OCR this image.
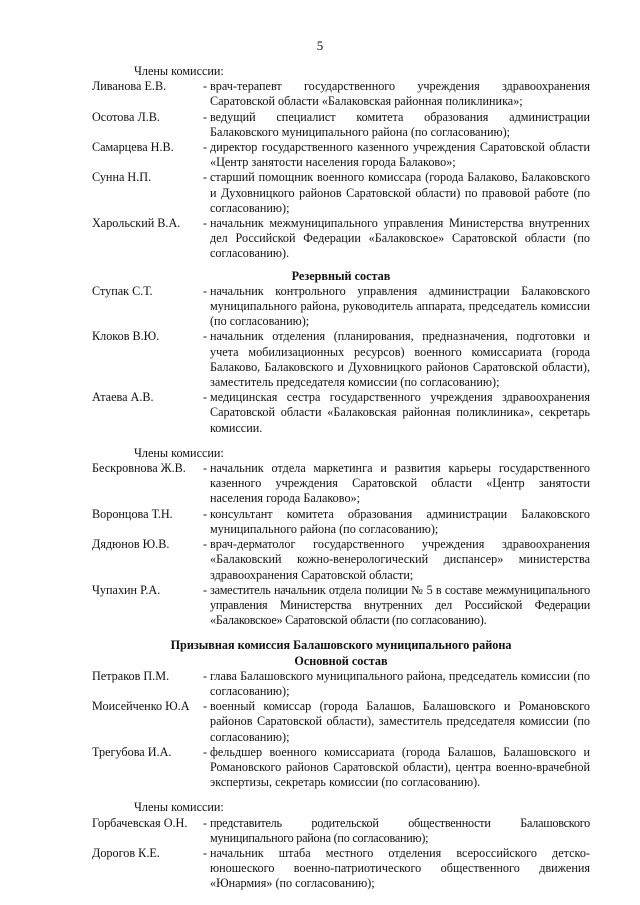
5
Члены комиссии:
Ливанова Е.В.	- врач-терапевт государственного учреждения здравоохранения Саратовской области «Балаковская районная поликлиника»;
Осотова Л.В.	- ведущий специалист комитета образования администрации Балаковского муниципального района (по согласованию);
Самарцева Н.В.	- директор государственного казенного учреждения Саратовской области «Центр занятости населения города Балаково»;
Сунна Н.П.	- старший помощник военного комиссара (города Балаково, Балаковского и Духовницкого районов Саратовской области) по правовой работе (по согласованию);
Харольский В.А.	- начальник межмуниципального управления Министерства внутренних дел Российской Федерации «Балаковское» Саратовской области (по согласованию).
Резервный состав
Ступак С.Т.	- начальник контрольного управления администрации Балаковского муниципального района, руководитель аппарата, председатель комиссии (по согласованию);
Клоков В.Ю.	- начальник отделения (планирования, предназначения, подготовки и учета мобилизационных ресурсов) военного комиссариата (города Балаково, Балаковского и Духовницкого районов Саратовской области), заместитель председателя комиссии (по согласованию);
Атаева А.В.	- медицинская сестра государственного учреждения здравоохранения Саратовской области «Балаковская районная поликлиника», секретарь комиссии.
Члены комиссии:
Бескровнова Ж.В.	- начальник отдела маркетинга и развития карьеры государственного казенного учреждения Саратовской области «Центр занятости населения города Балаково»;
Воронцова Т.Н.	- консультант комитета образования администрации Балаковского муниципального района (по согласованию);
Дядюнов Ю.В.	- врач-дерматолог государственного учреждения здравоохранения «Балаковский кожно-венерологический диспансер» министерства здравоохранения Саратовской области;
Чупахин Р.А.	- заместитель начальник отдела полиции № 5 в составе межмуниципального управления Министерства внутренних дел Российской Федерации «Балаковское» Саратовской области (по согласованию).
Призывная комиссия Балашовского муниципального района
Основной состав
Петраков П.М.	- глава Балашовского муниципального района, председатель комиссии (по согласованию);
Моисейченко Ю.А	- военный комиссар (города Балашов, Балашовского и Романовского районов Саратовской области), заместитель председателя комиссии (по согласованию);
Трегубова И.А.	- фельдшер военного комиссариата (города Балашов, Балашовского и Романовского районов Саратовской области), центра военно-врачебной экспертизы, секретарь комиссии (по согласованию).
Члены комиссии:
Горбачевская О.Н.	- представитель родительской общественности Балашовского муниципального района (по согласованию);
Дорогов К.Е.	- начальник штаба местного отделения всероссийского детско-юношеского военно-патриотического общественного движения «Юнармия» (по согласованию);
